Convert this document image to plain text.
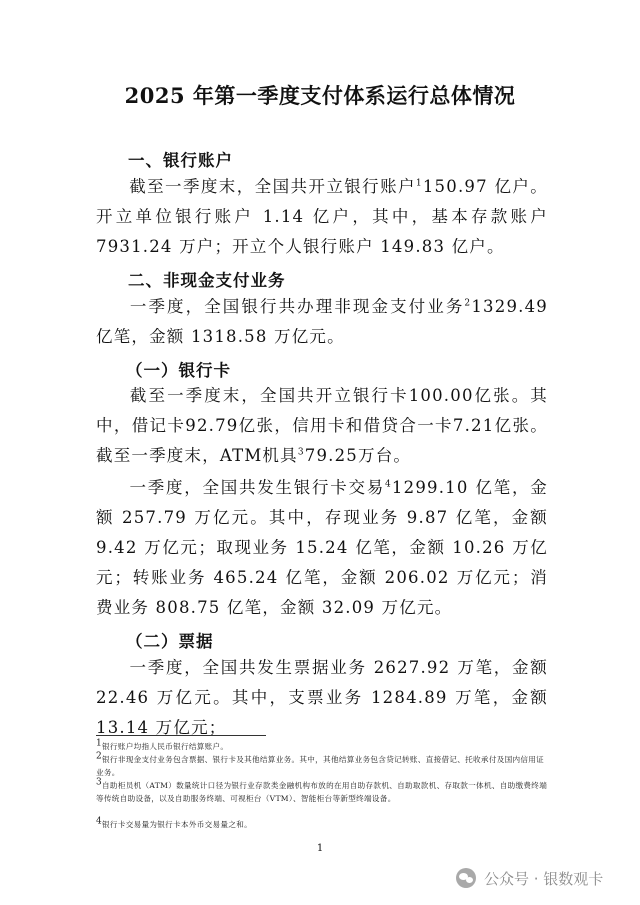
2025 年第一季度支付体系运行总体情况
一、银行账户
截至一季度末，全国共开立银行账户$^1$150.97 亿户。开立单位银行账户 1.14 亿户，其中，基本存款账户 7931.24 万户；开立个人银行账户 149.83 亿户。
二、非现金支付业务
一季度，全国银行共办理非现金支付业务$^2$1329.49 亿笔，金额 1318.58 万亿元。
（一）银行卡
截至一季度末，全国共开立银行卡100.00亿张。其中，借记卡92.79亿张，信用卡和借贷合一卡7.21亿张。截至一季度末，ATM机具$^3$79.25万台。
一季度，全国共发生银行卡交易$^4$1299.10 亿笔，金额 257.79 万亿元。其中，存现业务 9.87 亿笔，金额 9.42 万亿元；取现业务 15.24 亿笔，金额 10.26 万亿元；转账业务 465.24 亿笔，金额 206.02 万亿元；消费业务 808.75 亿笔，金额 32.09 万亿元。
（二）票据
一季度，全国共发生票据业务 2627.92 万笔，金额 22.46 万亿元。其中，支票业务 1284.89 万笔，金额 13.14 万亿元；
$^1$银行账户均指人民币银行结算账户。
$^2$银行非现金支付业务包含票据、银行卡及其他结算业务。其中，其他结算业务包含贷记转账、直接借记、托收承付及国内信用证业务。
$^3$自助柜员机（ATM）数量统计口径为银行业存款类金融机构布放的在用自助存款机、自助取款机、存取款一体机、自助缴费终端等传统自助设备，以及自助服务终端、可视柜台（VTM）、智能柜台等新型终端设备。
$^4$银行卡交易量为银行卡本外币交易量之和。
1
公众号 · 银数观卡
